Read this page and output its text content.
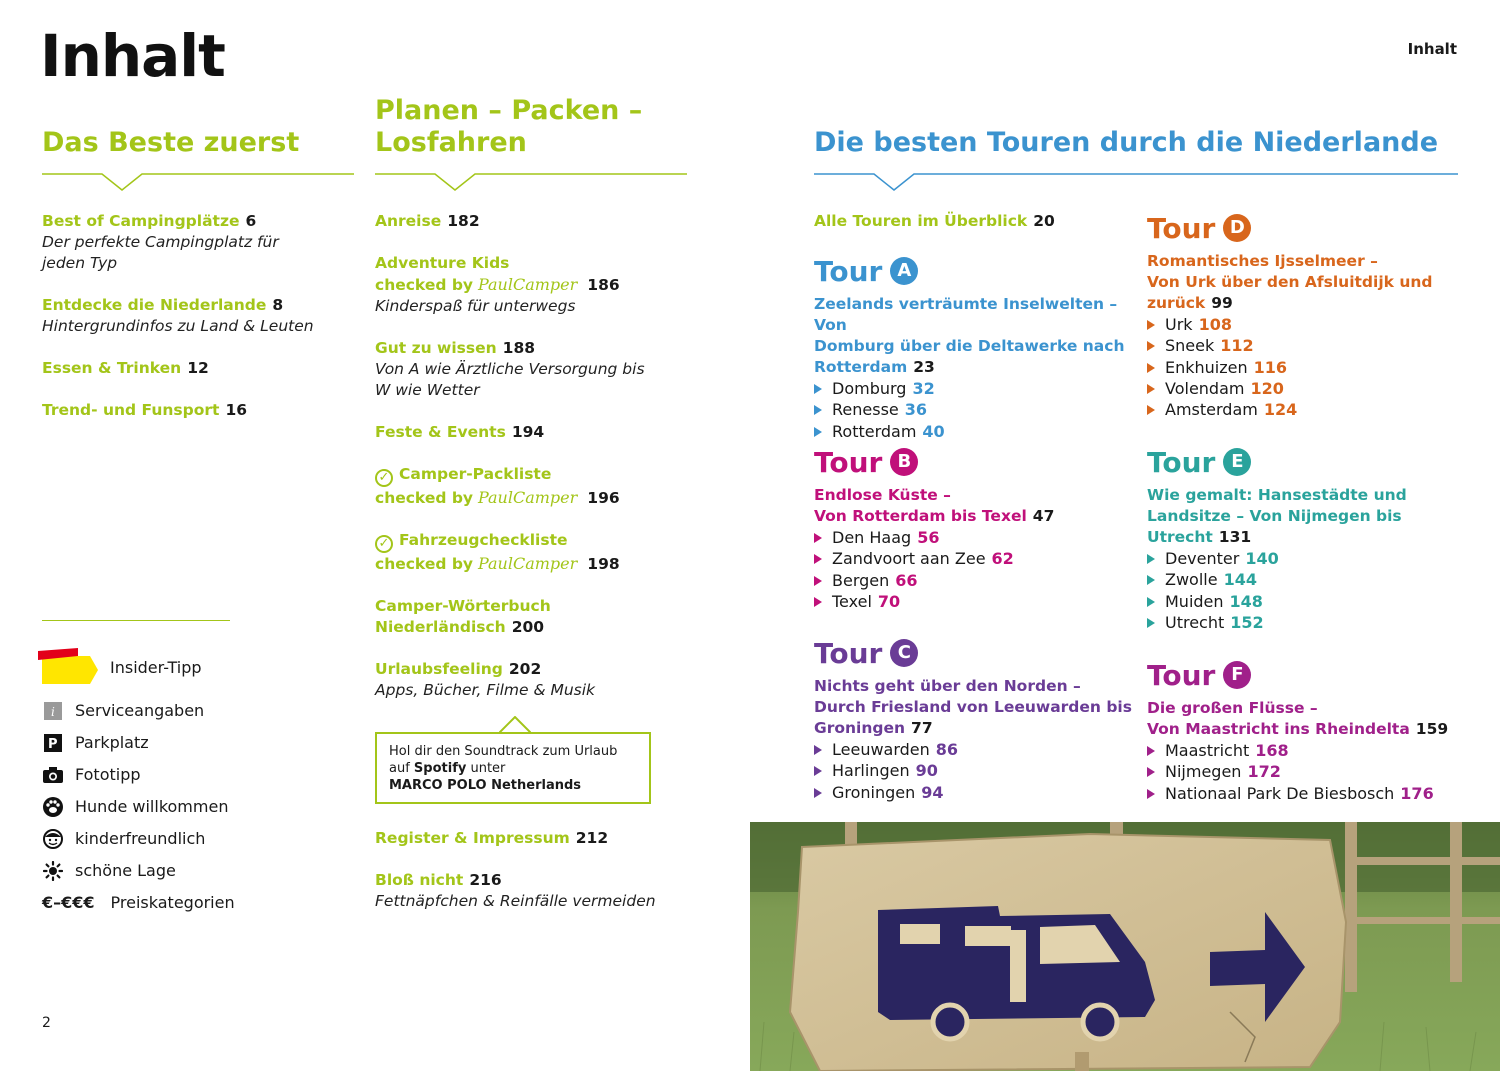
Inhalt	Inhalt
Das Beste zuerst
Best of Campingplätze 6
Der perfekte Campingplatz für
jeden Typ
Entdecke die Niederlande 8
Hintergrundinfos zu Land & Leuten
Essen & Trinken 12
Trend- und Funsport 16
Insider-Tipp
i Serviceangaben
P Parkplatz
Fototipp
Hunde willkommen
kinderfreundlich
schöne Lage
€–€€€ Preiskategorien
2
Planen – Packen –
Losfahren
Anreise 182
Adventure Kids
checked by PaulCamper 186
Kinderspaß für unterwegs
Gut zu wissen 188
Von A wie Ärztliche Versorgung bis
W wie Wetter
Feste & Events 194
✓ Camper-Packliste
checked by PaulCamper 196
✓ Fahrzeugcheckliste
checked by PaulCamper 198
Camper-Wörterbuch
Niederländisch 200
Urlaubsfeeling 202
Apps, Bücher, Filme & Musik
Hol dir den Soundtrack zum Urlaub
auf Spotify unter
MARCO POLO Netherlands
Register & Impressum 212
Bloß nicht 216
Fettnäpfchen & Reinfälle vermeiden
Die besten Touren durch die Niederlande
Alle Touren im Überblick 20
Tour A
Zeelands verträumte Inselwelten – Von
Domburg über die Deltawerke nach
Rotterdam 23
Domburg 32
Renesse 36
Rotterdam 40
Tour B
Endlose Küste –
Von Rotterdam bis Texel 47
Den Haag 56
Zandvoort aan Zee 62
Bergen 66
Texel 70
Tour C
Nichts geht über den Norden –
Durch Friesland von Leeuwarden bis
Groningen 77
Leeuwarden 86
Harlingen 90
Groningen 94
Tour D
Romantisches Ijsselmeer –
Von Urk über den Afsluitdijk und
zurück 99
Urk 108
Sneek 112
Enkhuizen 116
Volendam 120
Amsterdam 124
Tour E
Wie gemalt: Hansestädte und
Landsitze – Von Nijmegen bis
Utrecht 131
Deventer 140
Zwolle 144
Muiden 148
Utrecht 152
Tour F
Die großen Flüsse –
Von Maastricht ins Rheindelta 159
Maastricht 168
Nijmegen 172
Nationaal Park De Biesbosch 176
